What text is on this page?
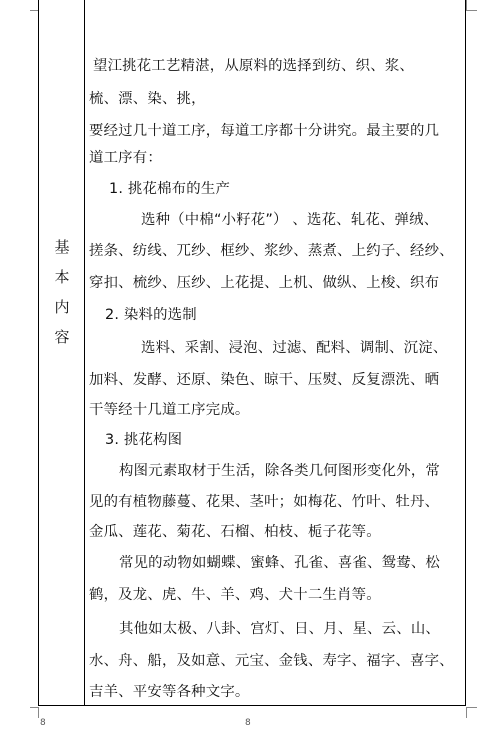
基
本
内
容
望江挑花工艺精湛，从原料的选择到纺、织、浆、
梳、漂、染、挑，
要经过几十道工序，每道工序都十分讲究。最主要的几
道工序有：
1. 挑花棉布的生产
选种（中棉“小籽花”） 、选花、轧花、弹绒、
搓条、纺线、兀纱、框纱、浆纱、蒸煮、上约子、经纱、
穿扣、梳纱、压纱、上花提、上机、做纵、上梭、织布
2. 染料的选制
选料、采割、浸泡、过滤、配料、调制、沉淀、
加料、发酵、还原、染色、晾干、压熨、反复漂洗、晒
干等经十几道工序完成。
3. 挑花构图
构图元素取材于生活，除各类几何图形变化外，常
见的有植物藤蔓、花果、茎叶；如梅花、竹叶、牡丹、
金瓜、莲花、菊花、石榴、柏枝、栀子花等。
常见的动物如蝴蝶、蜜蜂、孔雀、喜雀、鸳鸯、松
鹤，及龙、虎、牛、羊、鸡、犬十二生肖等。
其他如太极、八卦、宫灯、日、月、星、云、山、
水、舟、船，及如意、元宝、金钱、寿字、福字、喜字、
吉羊、平安等各种文字。
8	8
